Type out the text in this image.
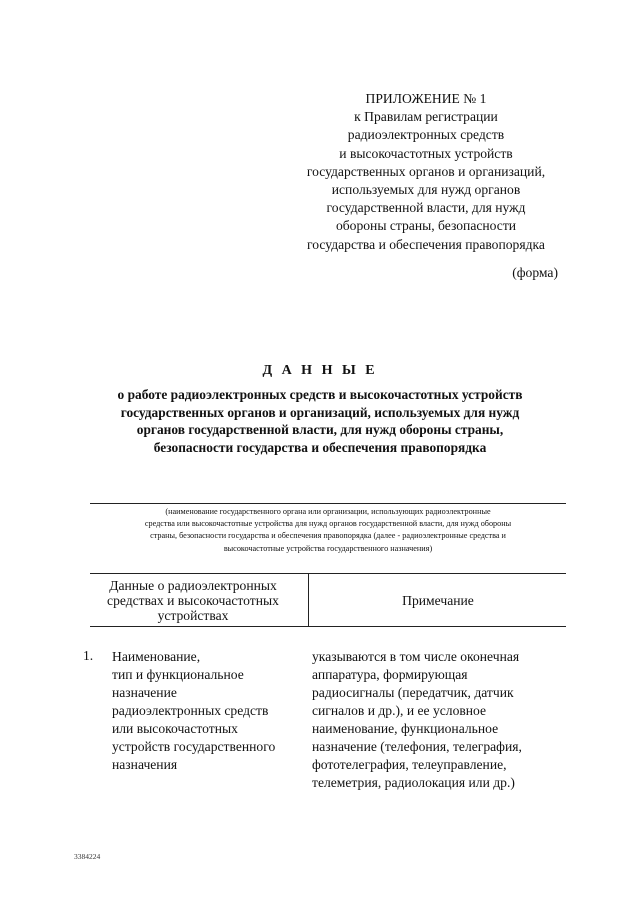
ПРИЛОЖЕНИЕ № 1
к Правилам регистрации
радиоэлектронных средств
и высокочастотных устройств
государственных органов и организаций,
используемых для нужд органов
государственной власти, для нужд
обороны страны, безопасности
государства и обеспечения правопорядка
(форма)
Д А Н Н Ы Е
о работе радиоэлектронных средств и высокочастотных устройств
государственных органов и организаций, используемых для нужд
органов государственной власти, для нужд обороны страны,
безопасности государства и обеспечения правопорядка
(наименование государственного органа или организации, использующих радиоэлектронные
средства или высокочастотные устройства для нужд органов государственной власти, для нужд обороны
страны, безопасности государства и обеспечения правопорядка (далее - радиоэлектронные средства и
высокочастотные устройства государственного назначения)
Данные о радиоэлектронных
средствах и высокочастотных
устройствах
Примечание
1. Наименование,
тип и функциональное
назначение
радиоэлектронных средств
или высокочастотных
устройств государственного
назначения
указываются в том числе оконечная
аппаратура, формирующая
радиосигналы (передатчик, датчик
сигналов и др.), и ее условное
наименование, функциональное
назначение (телефония, телеграфия,
фототелеграфия, телеуправление,
телеметрия, радиолокация или др.)
3384224
